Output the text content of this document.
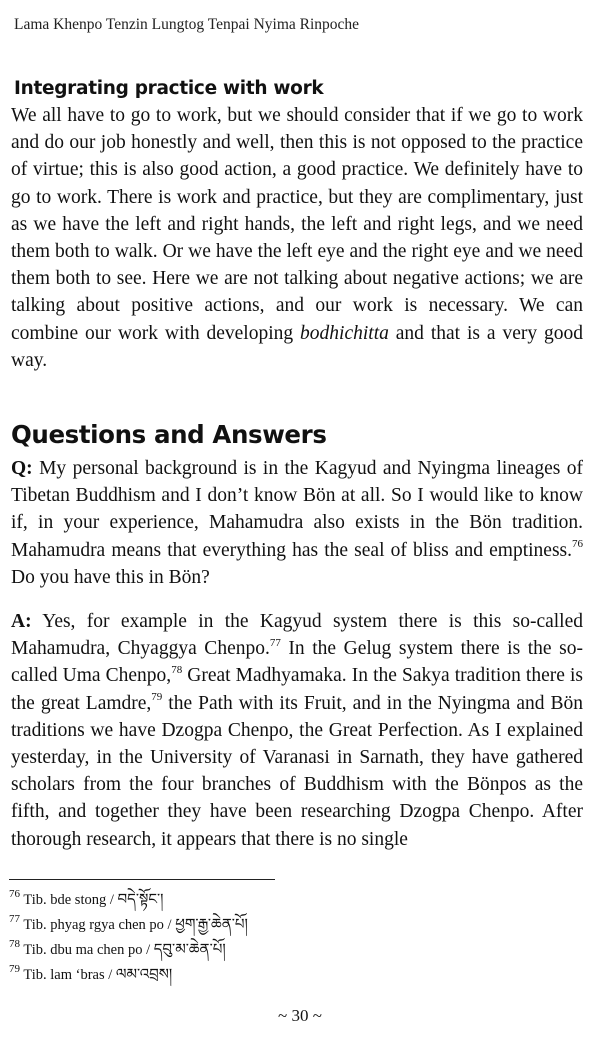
Lama Khenpo Tenzin Lungtog Tenpai Nyima Rinpoche
Integrating practice with work

We all have to go to work, but we should consider that if we go to work and do our job honestly and well, then this is not opposed to the practice of virtue; this is also good action, a good practice. We definitely have to go to work. There is work and practice, but they are complimentary, just as we have the left and right hands, the left and right legs, and we need them both to walk. Or we have the left eye and the right eye and we need them both to see. Here we are not talking about negative actions; we are talking about positive actions, and our work is necessary. We can combine our work with developing bodhichitta and that is a very good way.

Questions and Answers

Q: My personal background is in the Kagyud and Nyingma lineages of Tibetan Buddhism and I don’t know Bön at all. So I would like to know if, in your experience, Mahamudra also exists in the Bön tradition. Mahamudra means that everything has the seal of bliss and emptiness.$^{76}$ Do you have this in Bön?

A: Yes, for example in the Kagyud system there is this so-called Mahamudra, Chyaggya Chenpo.$^{77}$ In the Gelug system there is the so-called Uma Chenpo,$^{78}$ Great Madhyamaka. In the Sakya tradition there is the great Lamdre,$^{79}$ the Path with its Fruit, and in the Nyingma and Bön traditions we have Dzogpa Chenpo, the Great Perfection. As I explained yesterday, in the University of Varanasi in Sarnath, they have gathered scholars from the four branches of Buddhism with the Bönpos as the fifth, and together they have been researching Dzogpa Chenpo. After thorough research, it appears that there is no single

$^{76}$ Tib. bde stong / བདེ་སྟོང་།
$^{77}$ Tib. phyag rgya chen po / ཕྱག་རྒྱ་ཆེན་པོ།
$^{78}$ Tib. dbu ma chen po / དབུ་མ་ཆེན་པོ།
$^{79}$ Tib. lam ‘bras / ལམ་འབྲས།
~ 30 ~
